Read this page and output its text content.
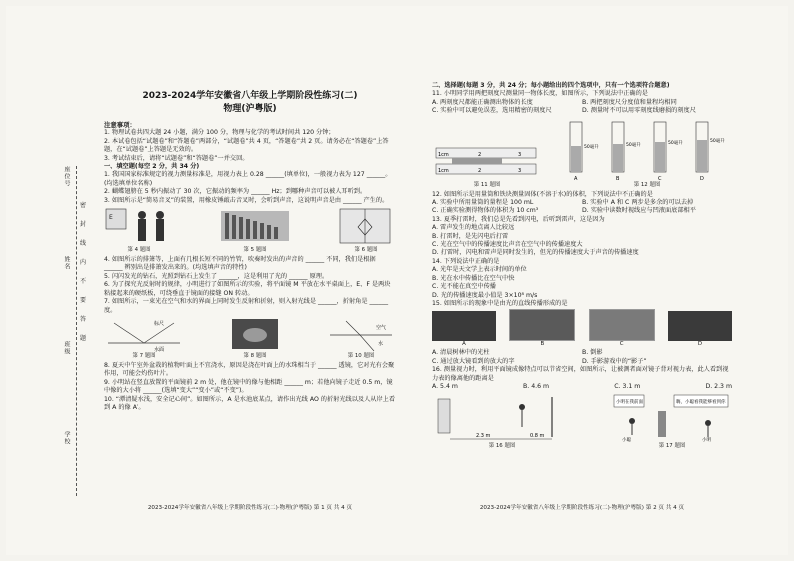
座位号
姓名
班级
学校
密
封
线
内
不
要
答
题
2023-2024学年安徽省八年级上学期阶段性练习(二)
物理(沪粤版)

注意事项：

1. 物理试卷共四大题 24 小题，满分 100 分，物理与化学的考试时间共 120 分钟；

2. 本试卷包括“试题卷”和“答题卷”两部分，“试题卷”共 4 页，“答题卷”共 2 页。请务必在“答题卷”上答题，在“试题卷”上答题是无效的。

3. 考试结束后，请将“试题卷”和“答题卷”一并交回。

一、填空题(每空 2 分，共 34 分)

1. 我国国家标准规定的视力测量标准是，用视力表上 0.28 ______(填单位)，一般视力表为 127 ______。(均选填单位名称)

2. 蝴蝶翅膀在 5 秒内振动了 30 次，它振动的频率为 ______ Hz；到哪种声音可以被人耳听到。

3. 如图所示是“简易音叉”的装置，用橡皮锤敲击音叉时，会听到声音，这说明声音是由 ______ 产生的。

E
第 4 题图	第 5 题图	第 6 题图

4. 如图所示的排箫等，上面有几根长短不同的竹管，吹奏时发出的声音的 ______ 不同，我们是根据 ______ 辨别出是排箫发出来的。(均选填声音的特性)

5. 闪闪发光的钻石，光照到钻石上发生了 ______，这是利用了光的 ______ 原理。

6. 为了探究光反射时的规律，小明进行了如图所示的实验，将平面镜 M 平放在水平桌面上，E、F 是两块粘接起来的硬纸板，可绕垂直于镜面的接缝 ON 转动。

7. 如图所示，一束光在空气和水的界面上同时发生反射和折射，则入射光线是 ______，折射角是 ______ 度。

标尺
水面
第 7 题图	第 8 题图
空气
水
第 10 题图

8. 夏天中午室外盆栽的植物叶面上不宜浇水，原因是浇在叶面上的水珠相当于 ______ 透镜，它对光有会聚作用，可能会灼伤叶片。

9. 小明站在竖直放置的平面镜前 2 m 处，他在镜中的像与他相距 ______ m；若他向镜子走近 0.5 m，镜中像的大小将 ______(选填“变大”“变小”或“不变”)。

10. “潭清疑水浅，安全记心间”。如图所示，A 是水池底某点，请作出光线 AO 的折射光线以及人从岸上看到 A 的像 A′。

2023-2024学年安徽省八年级上学期阶段性练习(二)·物理(沪粤版) 第 1 页 共 4 页

二、选择题(每题 3 分，共 24 分；每小题给出的四个选项中，只有一个选项符合题意)

11. 小明同学用两把刻度尺测量同一物体长度，如图所示，下列说法中正确的是

A. 两刻度尺都能正确测出物体的长度	B. 两把刻度尺分度值和量程均相同
C. 实验中可以避免误差，选用精密的刻度尺	D. 测量时不可以用零刻度线磨损的刻度尺
1cm	2	3
1cm	2	3
第 11 题图
50毫升	50毫升	50毫升	50毫升
A	B	C	D
第 12 题图

12. 如图所示是用量筒和铁块测量固体(不溶于水)的体积，下列说法中不正确的是

A. 实验中所用量筒的量程是 100 mL	B. 实验中 A 和 C 两步是多余的可以去掉
C. 正确实验测得物体的体积为 10 cm³	D. 实验中读数时视线应与凹液面底部相平

13. 夏季打雷时，我们总是先看到闪电，后听到雷声，这是因为

A. 雷声发生的地点离人比较远

B. 打雷时，是先闪电后打雷

C. 光在空气中的传播速度比声音在空气中的传播速度大

D. 打雷时，闪电和雷声是同时发生的，但光的传播速度大于声音的传播速度

14. 下列说法中正确的是

A. 光年是天文学上表示时间的单位

B. 光在水中传播比在空气中快

C. 光不能在真空中传播

D. 光的传播速度最小值是 3×10⁸ m/s

15. 如图所示的现象中是由光的直线传播形成的是

A	B	C	D
A. 清晨树林中的光柱	B. 倒影
C. 通过放大镜看到的放大的字	D. 手影游戏中的“影子”

16. 测量视力时，利用平面镜成像特点可以节省空间，如图所示，让被测者面对镜子背对视力表，此人看到视力表的像离他的距离是

A. 5.4 m	B. 4.6 m	C. 3.1 m	D. 2.3 m
2.3 m	0.8 m
第 16 题图
小明在我前面	嗨，小聪看我能够看到你
小聪	小明
第 17 题图
2023-2024学年安徽省八年级上学期阶段性练习(二)·物理(沪粤版) 第 2 页 共 4 页
